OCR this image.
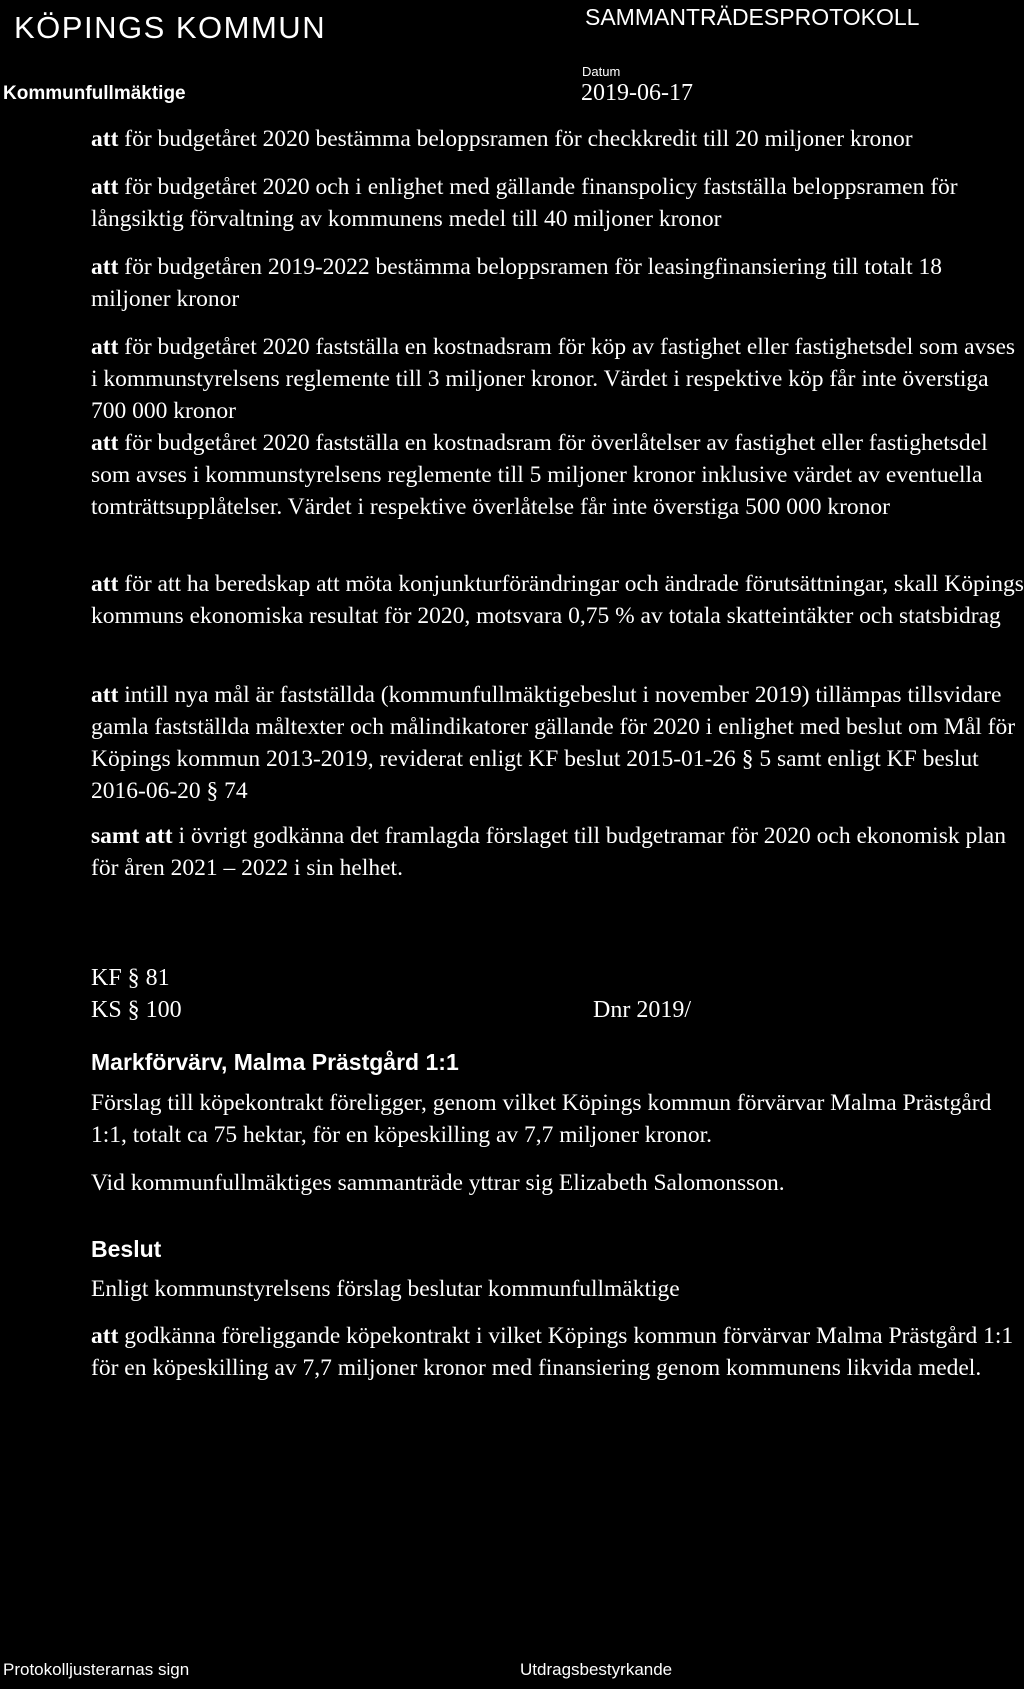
KÖPINGS KOMMUN	SAMMANTRÄDESPROTOKOLL
Datum
2019-06-17
Kommunfullmäktige

att för budgetåret 2020 bestämma beloppsramen för checkkredit till 20 miljoner kronor

att för budgetåret 2020 och i enlighet med gällande finanspolicy fastställa beloppsramen för långsiktig förvaltning av kommunens medel till 40 miljoner kronor

att för budgetåren 2019-2022 bestämma beloppsramen för leasingfinansiering till totalt 18 miljoner kronor

att för budgetåret 2020 fastställa en kostnadsram för köp av fastighet eller fastighetsdel som avses i kommunstyrelsens reglemente till 3 miljoner kronor. Värdet i respektive köp får inte överstiga 700 000 kronor

att för budgetåret 2020 fastställa en kostnadsram för överlåtelser av fastighet eller fastighetsdel som avses i kommunstyrelsens reglemente till 5 miljoner kronor inklusive värdet av eventuella tomträttsupplåtelser. Värdet i respektive överlåtelse får inte överstiga 500 000 kronor

att för att ha beredskap att möta konjunkturförändringar och ändrade förutsättningar, skall Köpings kommuns ekonomiska resultat för 2020, motsvara 0,75 % av totala skatteintäkter och statsbidrag

att intill nya mål är fastställda (kommunfullmäktigebeslut i november 2019) tillämpas tillsvidare gamla fastställda måltexter och målindikatorer gällande för 2020 i enlighet med beslut om Mål för Köpings kommun 2013-2019, reviderat enligt KF beslut 2015-01-26 § 5 samt enligt KF beslut 2016-06-20 § 74

samt att i övrigt godkänna det framlagda förslaget till budgetramar för 2020 och ekonomisk plan för åren 2021 – 2022 i sin helhet.

KF § 81
KS § 100	Dnr 2019/
Markförvärv, Malma Prästgård 1:1

Förslag till köpekontrakt föreligger, genom vilket Köpings kommun förvärvar Malma Prästgård 1:1, totalt ca 75 hektar, för en köpeskilling av 7,7 miljoner kronor.

Vid kommunfullmäktiges sammanträde yttrar sig Elizabeth Salomonsson.

Beslut

Enligt kommunstyrelsens förslag beslutar kommunfullmäktige

att godkänna föreliggande köpekontrakt i vilket Köpings kommun förvärvar Malma Prästgård 1:1 för en köpeskilling av 7,7 miljoner kronor med finansiering genom kommunens likvida medel.

Protokolljusterarnas sign	Utdragsbestyrkande
